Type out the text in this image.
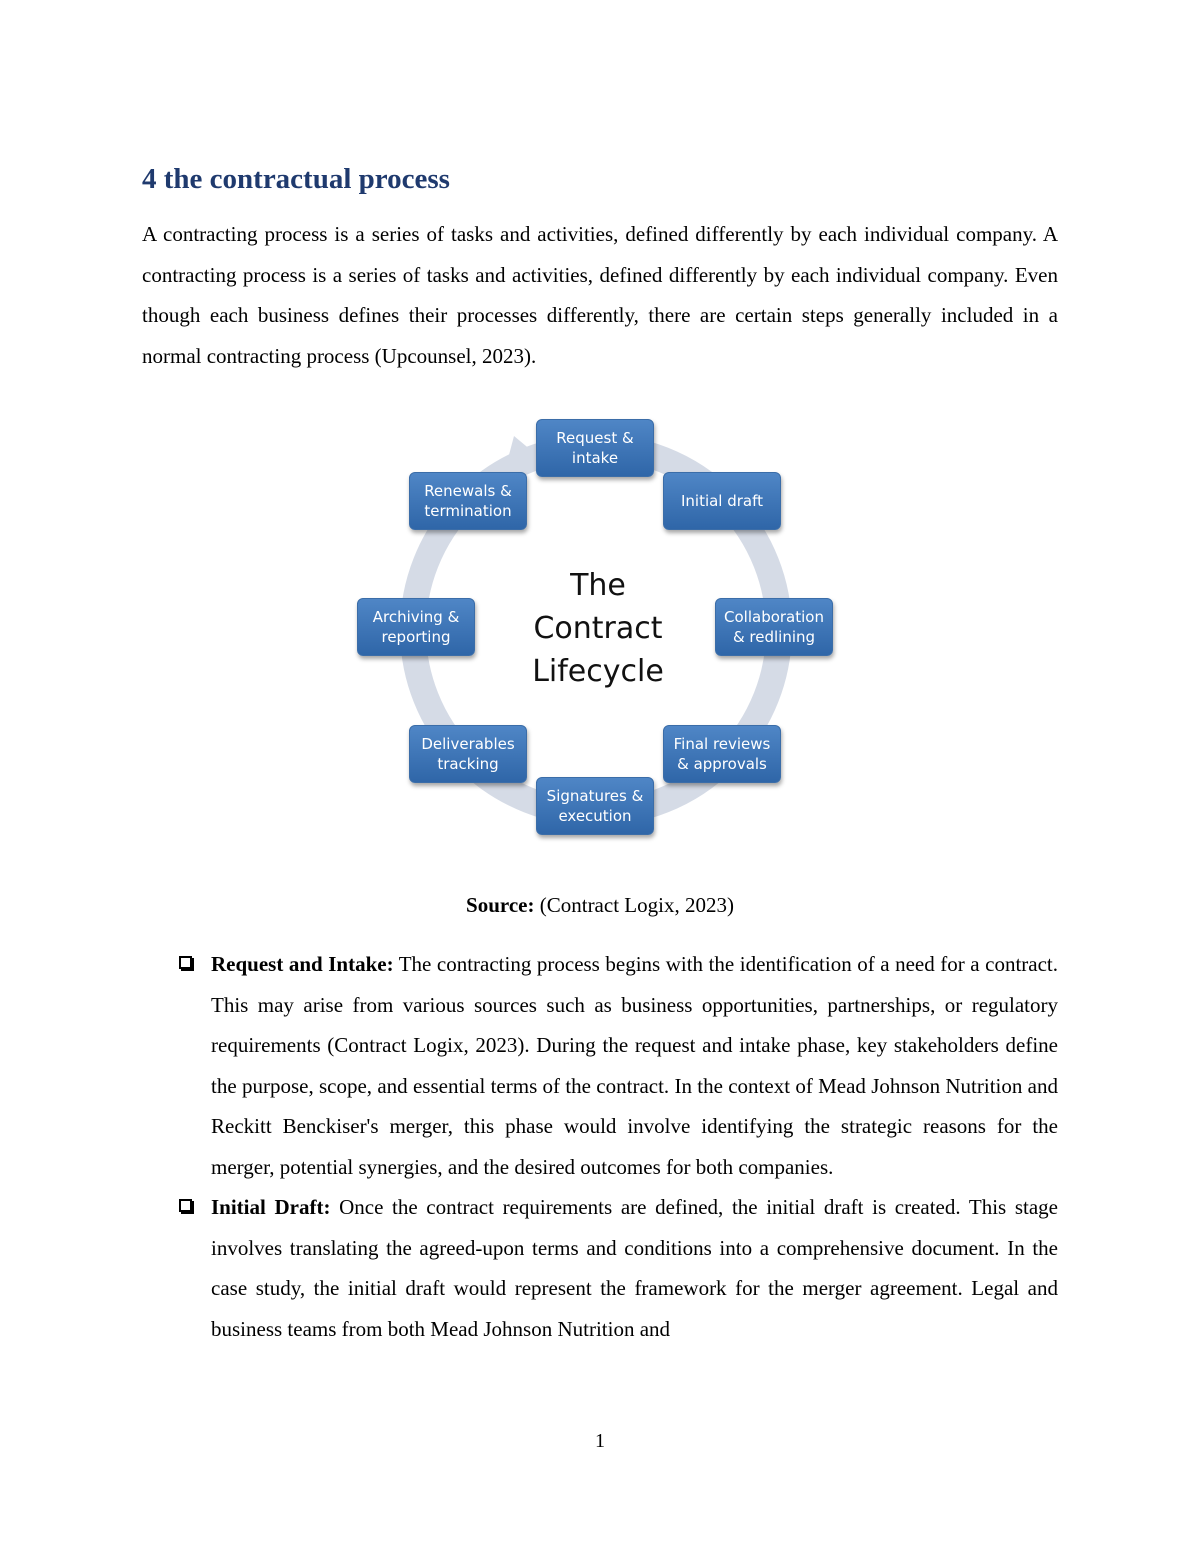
4 the contractual process

A contracting process is a series of tasks and activities, defined differently by each individual company. A contracting process is a series of tasks and activities, defined differently by each individual company. Even though each business defines their processes differently, there are certain steps generally included in a normal contracting process (Upcounsel, 2023).

The
Contract
Lifecycle
Request & intake
Initial draft
Collaboration & redlining
Final reviews & approvals
Signatures & execution
Deliverables tracking
Archiving & reporting
Renewals & termination

Source: (Contract Logix, 2023)

Request and Intake: The contracting process begins with the identification of a need for a contract. This may arise from various sources such as business opportunities, partnerships, or regulatory requirements (Contract Logix, 2023). During the request and intake phase, key stakeholders define the purpose, scope, and essential terms of the contract. In the context of Mead Johnson Nutrition and Reckitt Benckiser's merger, this phase would involve identifying the strategic reasons for the merger, potential synergies, and the desired outcomes for both companies.
Initial Draft: Once the contract requirements are defined, the initial draft is created. This stage involves translating the agreed-upon terms and conditions into a comprehensive document. In the case study, the initial draft would represent the framework for the merger agreement. Legal and business teams from both Mead Johnson Nutrition and

1
